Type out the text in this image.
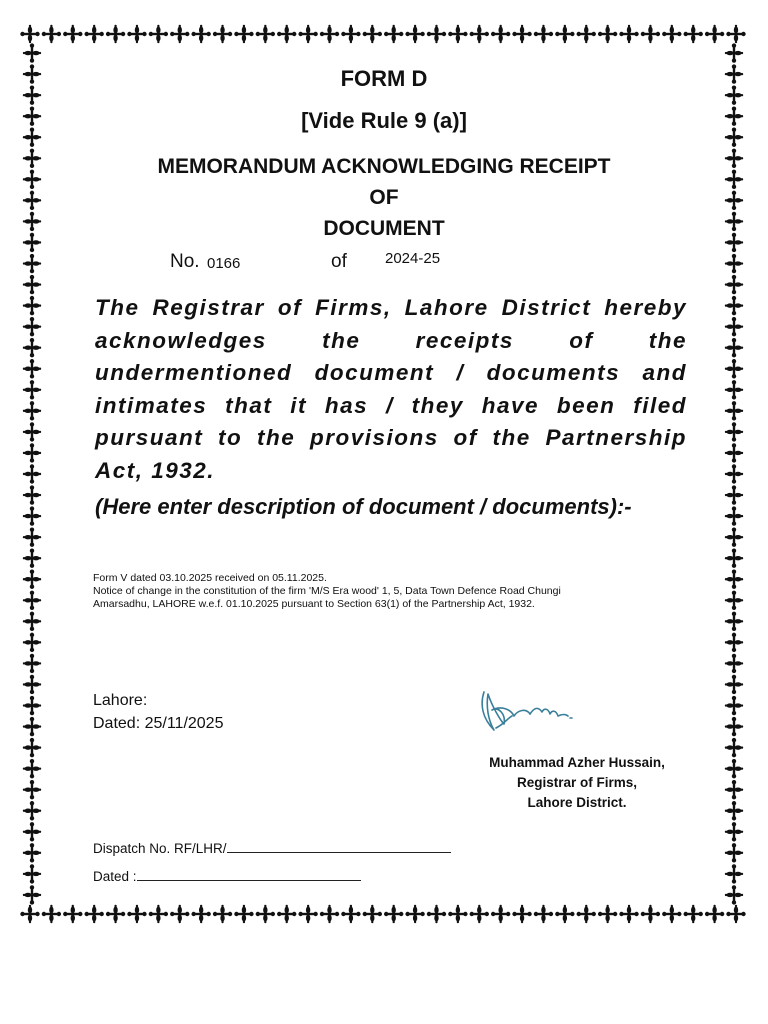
FORM D
[Vide Rule 9 (a)]
MEMORANDUM ACKNOWLEDGING RECEIPT
OF
DOCUMENT
No. 0166	of	2024-25

The Registrar of Firms, Lahore District hereby acknowledges the receipts of the undermentioned document / documents and intimates that it has / they have been filed pursuant to the provisions of the Partnership Act, 1932.

(Here enter description of document / documents):-

Form V dated 03.10.2025 received on 05.11.2025.
Notice of change in the constitution of the firm 'M/S Era wood' 1, 5, Data Town Defence Road Chungi
Amarsadhu, LAHORE w.e.f. 01.10.2025 pursuant to Section 63(1) of the Partnership Act, 1932.
Lahore:
Dated: 25/11/2025
Muhammad Azher Hussain,
Registrar of Firms,
Lahore District.
Dispatch No. RF/LHR/
Dated :
